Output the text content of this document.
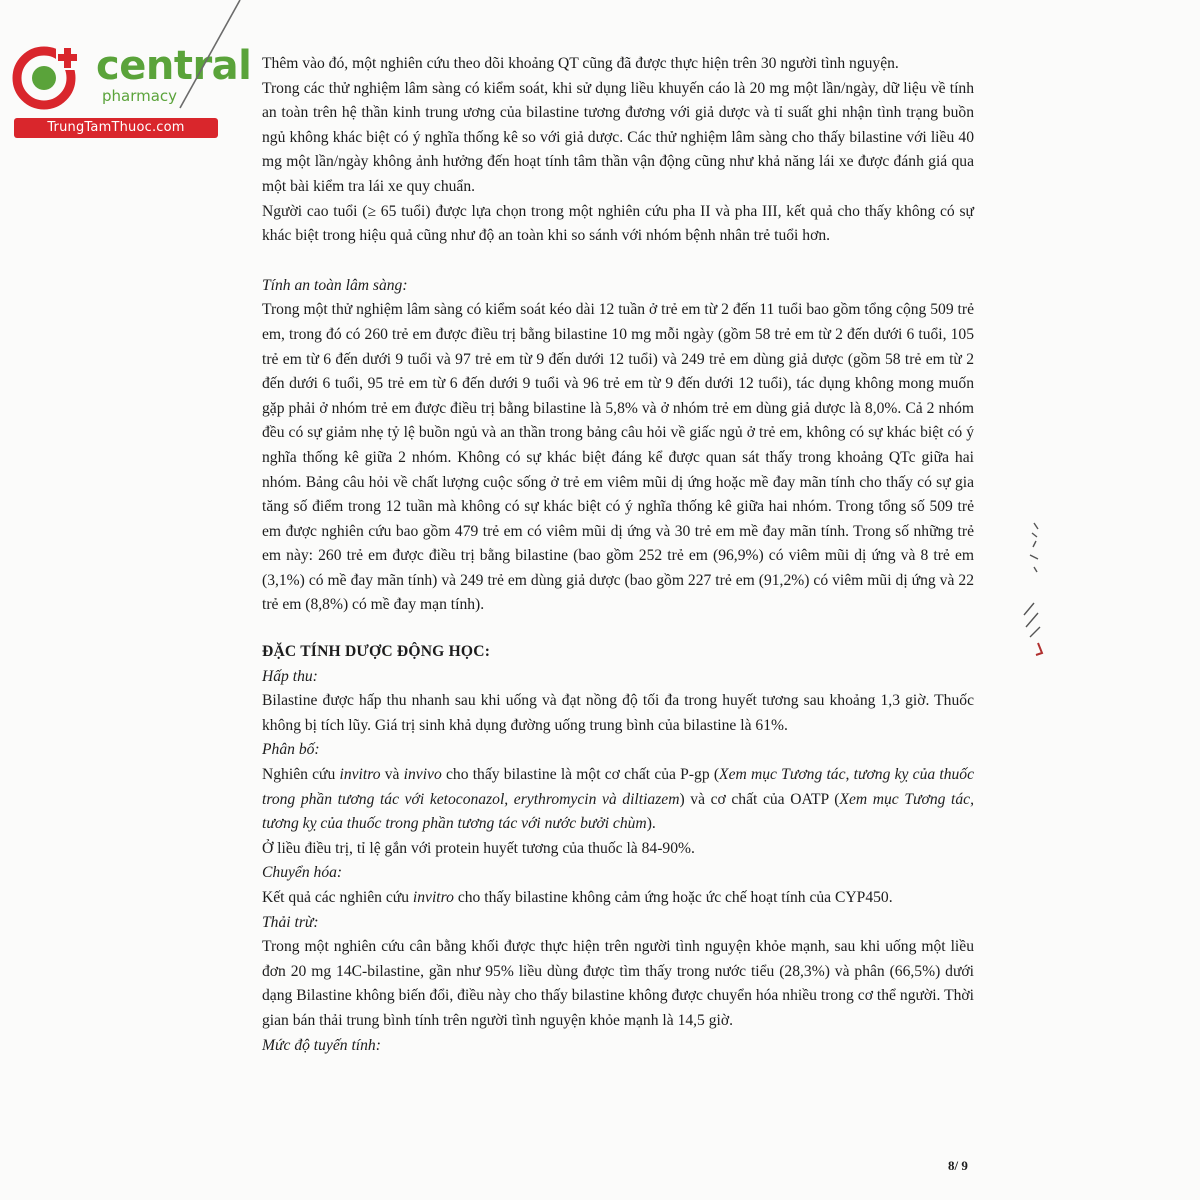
central
pharmacy
TrungTamThuoc.com

Thêm vào đó, một nghiên cứu theo dõi khoảng QT cũng đã được thực hiện trên 30 người tình nguyện.

Trong các thử nghiệm lâm sàng có kiểm soát, khi sử dụng liều khuyến cáo là 20 mg một lần/ngày, dữ liệu về tính an toàn trên hệ thần kinh trung ương của bilastine tương đương với giả dược và tỉ suất ghi nhận tình trạng buồn ngủ không khác biệt có ý nghĩa thống kê so với giả dược. Các thử nghiệm lâm sàng cho thấy bilastine với liều 40 mg một lần/ngày không ảnh hưởng đến hoạt tính tâm thần vận động cũng như khả năng lái xe được đánh giá qua một bài kiểm tra lái xe quy chuẩn.

Người cao tuổi (≥ 65 tuổi) được lựa chọn trong một nghiên cứu pha II và pha III, kết quả cho thấy không có sự khác biệt trong hiệu quả cũng như độ an toàn khi so sánh với nhóm bệnh nhân trẻ tuổi hơn.

Tính an toàn lâm sàng:

Trong một thử nghiệm lâm sàng có kiểm soát kéo dài 12 tuần ở trẻ em từ 2 đến 11 tuổi bao gồm tổng cộng 509 trẻ em, trong đó có 260 trẻ em được điều trị bằng bilastine 10 mg mỗi ngày (gồm 58 trẻ em từ 2 đến dưới 6 tuổi, 105 trẻ em từ 6 đến dưới 9 tuổi và 97 trẻ em từ 9 đến dưới 12 tuổi) và 249 trẻ em dùng giả dược (gồm 58 trẻ em từ 2 đến dưới 6 tuổi, 95 trẻ em từ 6 đến dưới 9 tuổi và 96 trẻ em từ 9 đến dưới 12 tuổi), tác dụng không mong muốn gặp phải ở nhóm trẻ em được điều trị bằng bilastine là 5,8% và ở nhóm trẻ em dùng giả dược là 8,0%. Cả 2 nhóm đều có sự giảm nhẹ tỷ lệ buồn ngủ và an thần trong bảng câu hỏi về giấc ngủ ở trẻ em, không có sự khác biệt có ý nghĩa thống kê giữa 2 nhóm. Không có sự khác biệt đáng kể được quan sát thấy trong khoảng QTc giữa hai nhóm. Bảng câu hỏi về chất lượng cuộc sống ở trẻ em viêm mũi dị ứng hoặc mề đay mãn tính cho thấy có sự gia tăng số điểm trong 12 tuần mà không có sự khác biệt có ý nghĩa thống kê giữa hai nhóm. Trong tổng số 509 trẻ em được nghiên cứu bao gồm 479 trẻ em có viêm mũi dị ứng và 30 trẻ em mề đay mãn tính. Trong số những trẻ em này: 260 trẻ em được điều trị bằng bilastine (bao gồm 252 trẻ em (96,9%) có viêm mũi dị ứng và 8 trẻ em (3,1%) có mề đay mãn tính) và 249 trẻ em dùng giả dược (bao gồm 227 trẻ em (91,2%) có viêm mũi dị ứng và 22 trẻ em (8,8%) có mề đay mạn tính).

ĐẶC TÍNH DƯỢC ĐỘNG HỌC:

Hấp thu:

Bilastine được hấp thu nhanh sau khi uống và đạt nồng độ tối đa trong huyết tương sau khoảng 1,3 giờ. Thuốc không bị tích lũy. Giá trị sinh khả dụng đường uống trung bình của bilastine là 61%.

Phân bố:

Nghiên cứu invitro và invivo cho thấy bilastine là một cơ chất của P-gp (Xem mục Tương tác, tương kỵ của thuốc trong phần tương tác với ketoconazol, erythromycin và diltiazem) và cơ chất của OATP (Xem mục Tương tác, tương kỵ của thuốc trong phần tương tác với nước bưởi chùm).

Ở liều điều trị, tỉ lệ gắn với protein huyết tương của thuốc là 84-90%.

Chuyển hóa:

Kết quả các nghiên cứu invitro cho thấy bilastine không cảm ứng hoặc ức chế hoạt tính của CYP450.

Thải trừ:

Trong một nghiên cứu cân bằng khối được thực hiện trên người tình nguyện khỏe mạnh, sau khi uống một liều đơn 20 mg 14C-bilastine, gần như 95% liều dùng được tìm thấy trong nước tiểu (28,3%) và phân (66,5%) dưới dạng Bilastine không biến đổi, điều này cho thấy bilastine không được chuyển hóa nhiều trong cơ thể người. Thời gian bán thải trung bình tính trên người tình nguyện khỏe mạnh là 14,5 giờ.

Mức độ tuyến tính:

8/ 9
